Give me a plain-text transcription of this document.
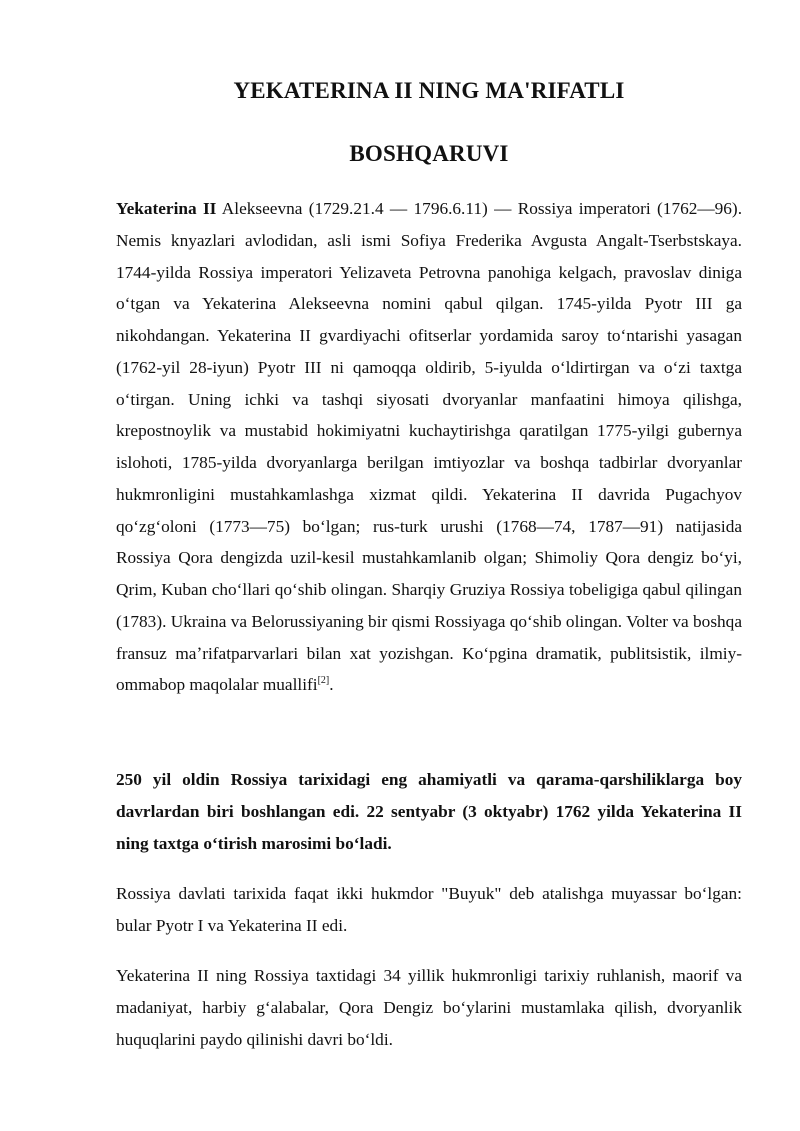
YEKATERINA II NING MA'RIFATLI
BOSHQARUVI

Yekaterina II Alekseevna (1729.21.4 — 1796.6.11) — Rossiya imperatori (1762—96). Nemis knyazlari avlodidan, asli ismi Sofiya Frederika Avgusta Angalt-Tserbstskaya. 1744-yilda Rossiya imperatori Yelizaveta Petrovna panohiga kelgach, pravoslav diniga oʻtgan va Yekaterina Alekseevna nomini qabul qilgan. 1745-yilda Pyotr III ga nikohdangan. Yekaterina II gvardiyachi ofitserlar yordamida saroy toʻntarishi yasagan (1762-yil 28-iyun) Pyotr III ni qamoqqa oldirib, 5-iyulda oʻldirtirgan va oʻzi taxtga oʻtirgan. Uning ichki va tashqi siyosati dvoryanlar manfaatini himoya qilishga, krepostnoylik va mustabid hokimiyatni kuchaytirishga qaratilgan 1775-yilgi gubernya islohoti, 1785-yilda dvoryanlarga berilgan imtiyozlar va boshqa tadbirlar dvoryanlar hukmronligini mustahkamlashga xizmat qildi. Yekaterina II davrida Pugachyov qoʻzgʻoloni (1773—75) boʻlgan; rus-turk urushi (1768—74, 1787—91) natijasida Rossiya Qora dengizda uzil-kesil mustahkamlanib olgan; Shimoliy Qora dengiz boʻyi, Qrim, Kuban choʻllari qoʻshib olingan. Sharqiy Gruziya Rossiya tobeligiga qabul qilingan (1783). Ukraina va Belorussiyaning bir qismi Rossiyaga qoʻshib olingan. Volter va boshqa fransuz maʼrifatparvarlari bilan xat yozishgan. Koʻpgina dramatik, publitsistik, ilmiy-ommabop maqolalar muallifi[2].

250 yil oldin Rossiya tarixidagi eng ahamiyatli va qarama-qarshiliklarga boy davrlardan biri boshlangan edi. 22 sentyabr (3 oktyabr) 1762 yilda Yekaterina II ning taxtga oʻtirish marosimi boʻladi.

Rossiya davlati tarixida faqat ikki hukmdor "Buyuk" deb atalishga muyassar boʻlgan: bular Pyotr I va Yekaterina II edi.

Yekaterina II ning Rossiya taxtidagi 34 yillik hukmronligi tarixiy ruhlanish, maorif va madaniyat, harbiy gʻalabalar, Qora Dengiz boʻylarini mustamlaka qilish, dvoryanlik huquqlarini paydo qilinishi davri boʻldi.
